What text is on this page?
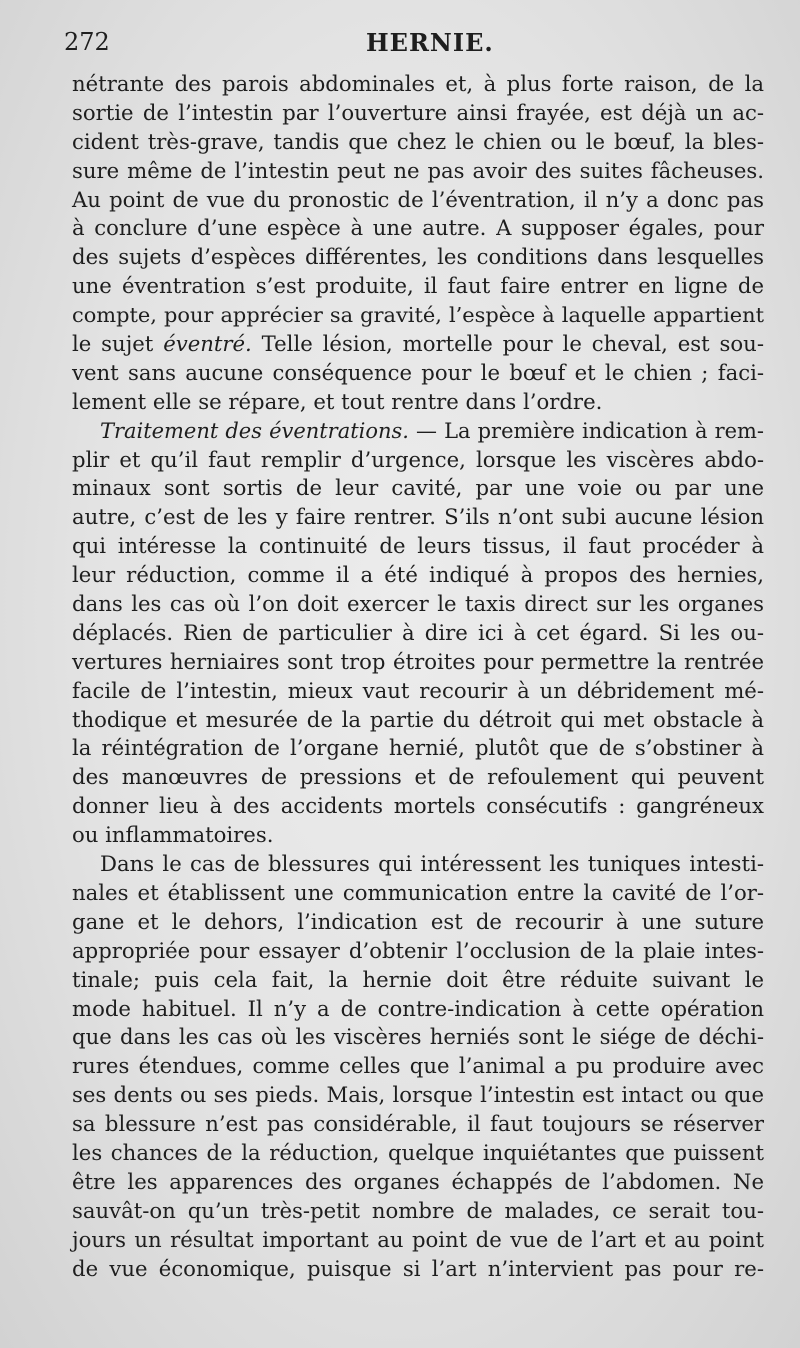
272	HERNIE.
nétrante des parois abdominales et, à plus forte raison, de la
sortie de l’intestin par l’ouverture ainsi frayée, est déjà un ac-
cident très-grave, tandis que chez le chien ou le bœuf, la bles-
sure même de l’intestin peut ne pas avoir des suites fâcheuses.
Au point de vue du pronostic de l’éventration, il n’y a donc pas
à conclure d’une espèce à une autre. A supposer égales, pour
des sujets d’espèces différentes, les conditions dans lesquelles
une éventration s’est produite, il faut faire entrer en ligne de
compte, pour apprécier sa gravité, l’espèce à laquelle appartient
le sujet éventré. Telle lésion, mortelle pour le cheval, est sou-
vent sans aucune conséquence pour le bœuf et le chien ; faci-
lement elle se répare, et tout rentre dans l’ordre.
Traitement des éventrations. — La première indication à rem-
plir et qu’il faut remplir d’urgence, lorsque les viscères abdo-
minaux sont sortis de leur cavité, par une voie ou par une
autre, c’est de les y faire rentrer. S’ils n’ont subi aucune lésion
qui intéresse la continuité de leurs tissus, il faut procéder à
leur réduction, comme il a été indiqué à propos des hernies,
dans les cas où l’on doit exercer le taxis direct sur les organes
déplacés. Rien de particulier à dire ici à cet égard. Si les ou-
vertures herniaires sont trop étroites pour permettre la rentrée
facile de l’intestin, mieux vaut recourir à un débridement mé-
thodique et mesurée de la partie du détroit qui met obstacle à
la réintégration de l’organe hernié, plutôt que de s’obstiner à
des manœuvres de pressions et de refoulement qui peuvent
donner lieu à des accidents mortels consécutifs : gangréneux
ou inflammatoires.
Dans le cas de blessures qui intéressent les tuniques intesti-
nales et établissent une communication entre la cavité de l’or-
gane et le dehors, l’indication est de recourir à une suture
appropriée pour essayer d’obtenir l’occlusion de la plaie intes-
tinale; puis cela fait, la hernie doit être réduite suivant le
mode habituel. Il n’y a de contre-indication à cette opération
que dans les cas où les viscères herniés sont le siége de déchi-
rures étendues, comme celles que l’animal a pu produire avec
ses dents ou ses pieds. Mais, lorsque l’intestin est intact ou que
sa blessure n’est pas considérable, il faut toujours se réserver
les chances de la réduction, quelque inquiétantes que puissent
être les apparences des organes échappés de l’abdomen. Ne
sauvât-on qu’un très-petit nombre de malades, ce serait tou-
jours un résultat important au point de vue de l’art et au point
de vue économique, puisque si l’art n’intervient pas pour re-
